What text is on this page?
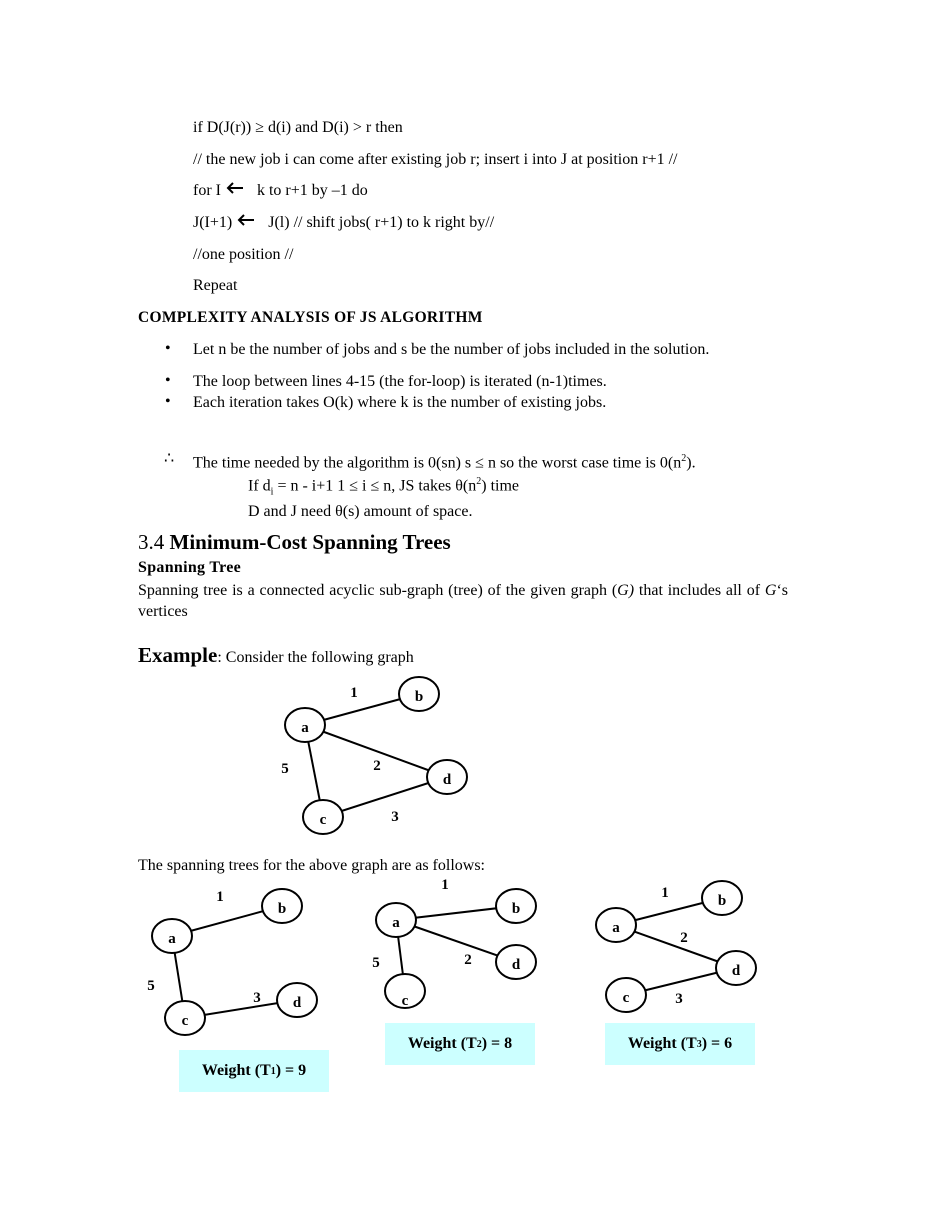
if D(J(r)) ≥ d(i) and D(i) > r then
// the new job i can come after existing job r; insert i into J at position r+1 //
for I k to r+1 by –1 do
J(I+1) J(l) // shift jobs( r+1) to k right by//
//one position //
Repeat
COMPLEXITY ANALYSIS OF JS ALGORITHM
• Let n be the number of jobs and s be the number of jobs included in the solution.
• The loop between lines 4-15 (the for-loop) is iterated (n-1)times.
• Each iteration takes O(k) where k is the number of existing jobs.
∴ The time needed by the algorithm is 0(sn) s ≤ n so the worst case time is $0(n^2)$.
If $d_i = n - i+1$ 1 ≤ i ≤ n, JS takes $\theta(n^2)$ time
D and J need θ(s) amount of space.
3.4 Minimum-Cost Spanning Trees
Spanning Tree
Spanning tree is a connected acyclic sub-graph (tree) of the given graph (G) that includes all of G‘s vertices
Example: Consider the following graph
a
b
c
d
1
2
3
5
a
b
c
d
1
5
3
a
b
c
d
1
5	2
a
b
c
d
1
2
3
The spanning trees for the above graph are as follows:
Weight (T 1 ) = 9
Weight (T 2 ) = 8	Weight (T 3 ) = 6
